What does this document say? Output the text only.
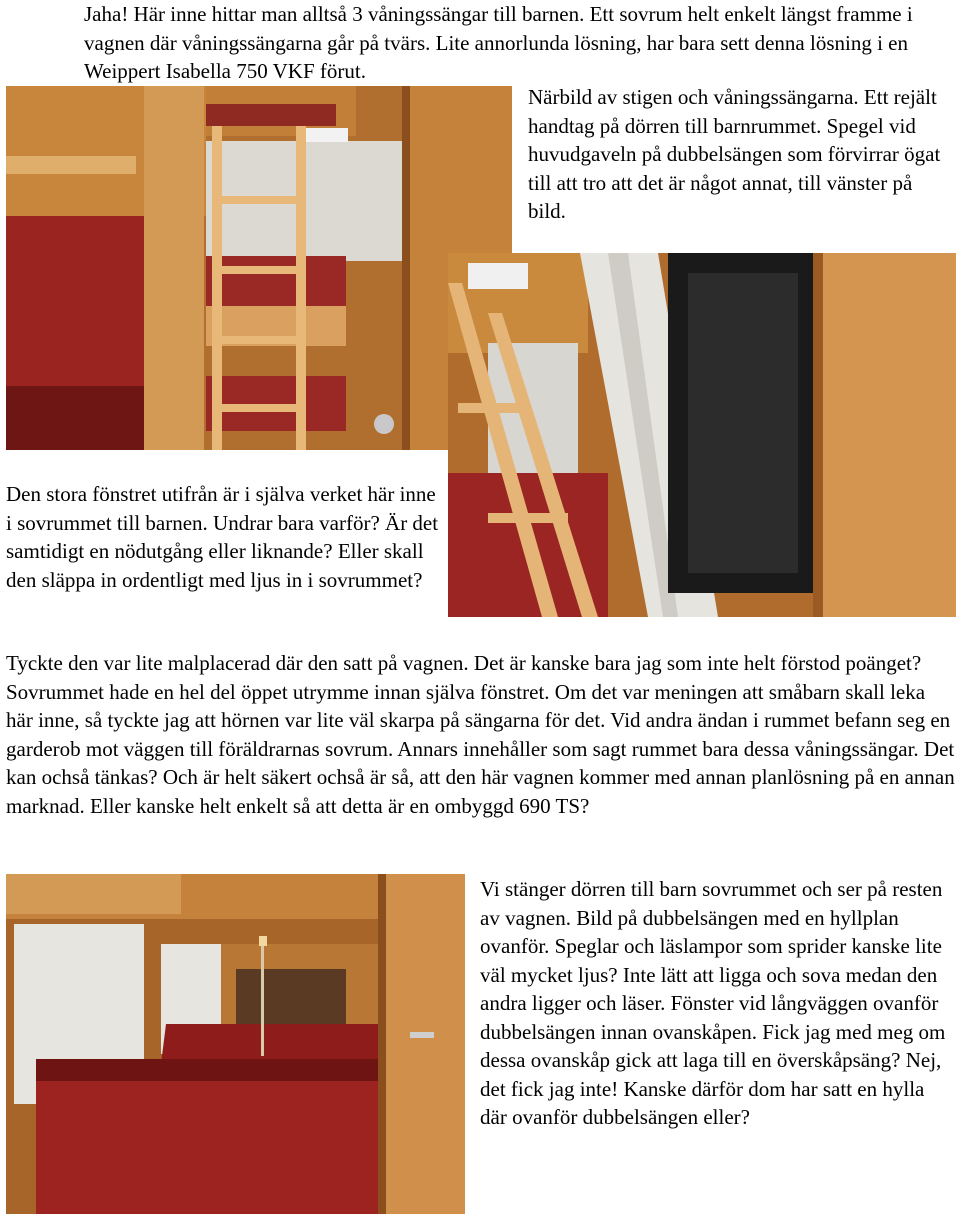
Jaha! Här inne hittar man alltså 3 våningssängar till barnen. Ett sovrum helt enkelt längst framme i vagnen där våningssängarna går på tvärs. Lite annorlunda lösning, har bara sett denna lösning i en Weippert Isabella 750 VKF förut.

Närbild av stigen och våningssängarna. Ett rejält handtag på dörren till barnrummet. Spegel vid huvudgaveln på dubbelsängen som förvirrar ögat till att tro att det är något annat, till vänster på bild.

Den stora fönstret utifrån är i själva verket här inne i sovrummet till barnen. Undrar bara varför? Är det samtidigt en nödutgång eller liknande? Eller skall den släppa in ordentligt med ljus in i sovrummet?

Tyckte den var lite malplacerad där den satt på vagnen. Det är kanske bara jag som inte helt förstod poänget? Sovrummet hade en hel del öppet utrymme innan själva fönstret. Om det var meningen att småbarn skall leka här inne, så tyckte jag att hörnen var lite väl skarpa på sängarna för det. Vid andra ändan i rummet befann seg en garderob mot väggen till föräldrarnas sovrum. Annars innehåller som sagt rummet bara dessa våningssängar. Det kan ochså tänkas? Och är helt säkert ochså är så, att den här vagnen kommer med annan planlösning på en annan marknad. Eller kanske helt enkelt så att detta är en ombyggd 690 TS?

Vi stänger dörren till barn sovrummet och ser på resten av vagnen. Bild på dubbelsängen med en hyllplan ovanför. Speglar och läslampor som sprider kanske lite väl mycket ljus? Inte lätt att ligga och sova medan den andra ligger och läser. Fönster vid långväggen ovanför dubbelsängen innan ovanskåpen. Fick jag med meg om dessa ovanskåp gick att laga till en överskåpsäng? Nej, det fick jag inte! Kanske därför dom har satt en hylla där ovanför dubbelsängen eller?
